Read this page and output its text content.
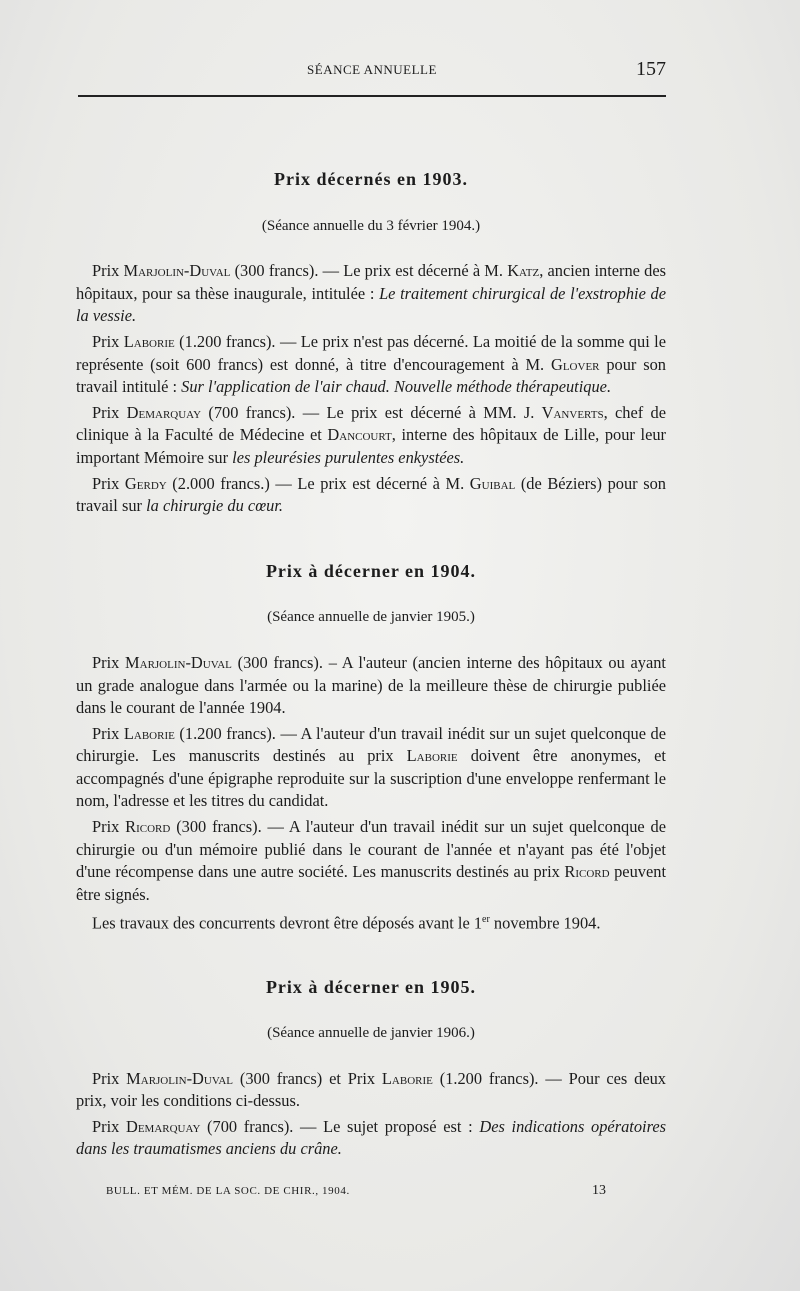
SÉANCE ANNUELLE	157
Prix décernés en 1903.
(Séance annuelle du 3 février 1904.)

Prix Marjolin-Duval (300 francs). — Le prix est décerné à M. Katz, ancien interne des hôpitaux, pour sa thèse inaugurale, intitulée : Le traitement chirurgical de l'exstrophie de la vessie.

Prix Laborie (1.200 francs). — Le prix n'est pas décerné. La moitié de la somme qui le représente (soit 600 francs) est donné, à titre d'encouragement à M. Glover pour son travail intitulé : Sur l'application de l'air chaud. Nouvelle méthode thérapeutique.

Prix Demarquay (700 francs). — Le prix est décerné à MM. J. Vanverts, chef de clinique à la Faculté de Médecine et Dancourt, interne des hôpitaux de Lille, pour leur important Mémoire sur les pleurésies purulentes enkystées.

Prix Gerdy (2.000 francs.) — Le prix est décerné à M. Guibal (de Béziers) pour son travail sur la chirurgie du cœur.

Prix à décerner en 1904.
(Séance annuelle de janvier 1905.)

Prix Marjolin-Duval (300 francs). – A l'auteur (ancien interne des hôpitaux ou ayant un grade analogue dans l'armée ou la marine) de la meilleure thèse de chirurgie publiée dans le courant de l'année 1904.

Prix Laborie (1.200 francs). — A l'auteur d'un travail inédit sur un sujet quelconque de chirurgie. Les manuscrits destinés au prix Laborie doivent être anonymes, et accompagnés d'une épigraphe reproduite sur la suscription d'une enveloppe renfermant le nom, l'adresse et les titres du candidat.

Prix Ricord (300 francs). — A l'auteur d'un travail inédit sur un sujet quelconque de chirurgie ou d'un mémoire publié dans le courant de l'année et n'ayant pas été l'objet d'une récompense dans une autre société. Les manuscrits destinés au prix Ricord peuvent être signés.

Les travaux des concurrents devront être déposés avant le 1er novembre 1904.

Prix à décerner en 1905.
(Séance annuelle de janvier 1906.)

Prix Marjolin-Duval (300 francs) et Prix Laborie (1.200 francs). — Pour ces deux prix, voir les conditions ci-dessus.

Prix Demarquay (700 francs). — Le sujet proposé est : Des indications opératoires dans les traumatismes anciens du crâne.

BULL. ET MÉM. DE LA SOC. DE CHIR., 1904.	13
